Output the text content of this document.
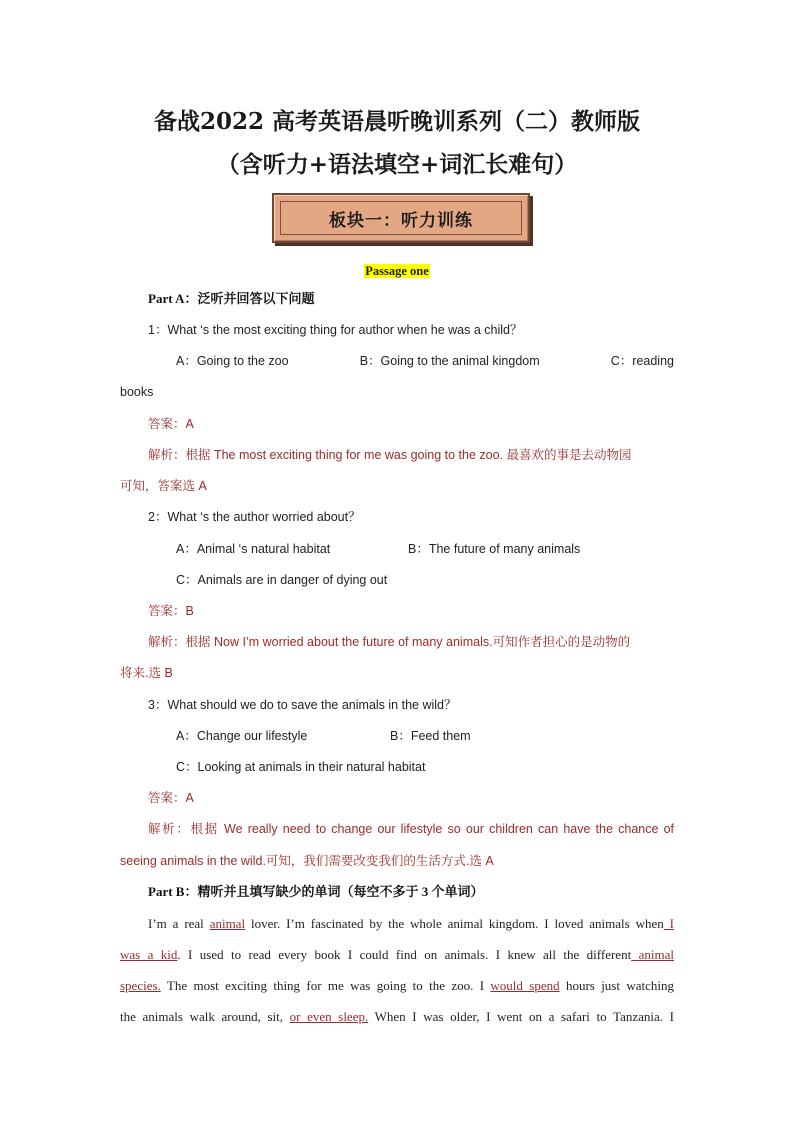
备战2022 高考英语晨听晚训系列（二）教师版
（含听力+语法填空+词汇长难句）
板块一：听力训练
Passage one
Part A：泛听并回答以下问题
1：What ‘s the most exciting thing for author when he was a child？
A：Going to the zoo	B：Going to the animal kingdom	C：reading
books
答案：A
解析：根据 The most exciting thing for me was going to the zoo. 最喜欢的事是去动物园
可知，答案选 A
2：What ‘s the author worried about？
A：Animal ‘s natural habitat	B：The future of many animals
C：Animals are in danger of dying out
答案：B
解析：根据 Now I’m worried about the future of many animals.可知作者担心的是动物的
将来.选 B
3：What should we do to save the animals in the wild？
A：Change our lifestyle	B：Feed them
C：Looking at animals in their natural habitat
答案：A
解析：根据 We really need to change our lifestyle so our children can have the chance of
seeing animals in the wild.可知，我们需要改变我们的生活方式.选 A
Part B：精听并且填写缺少的单词（每空不多于 3 个单词）
I’m a real animal lover. I’m fascinated by the whole animal kingdom. I loved animals when I
was a kid. I used to read every book I could find on animals. I knew all the different animal
species. The most exciting thing for me was going to the zoo. I would spend hours just watching
the animals walk around, sit, or even sleep. When I was older, I went on a safari to Tanzania. I
